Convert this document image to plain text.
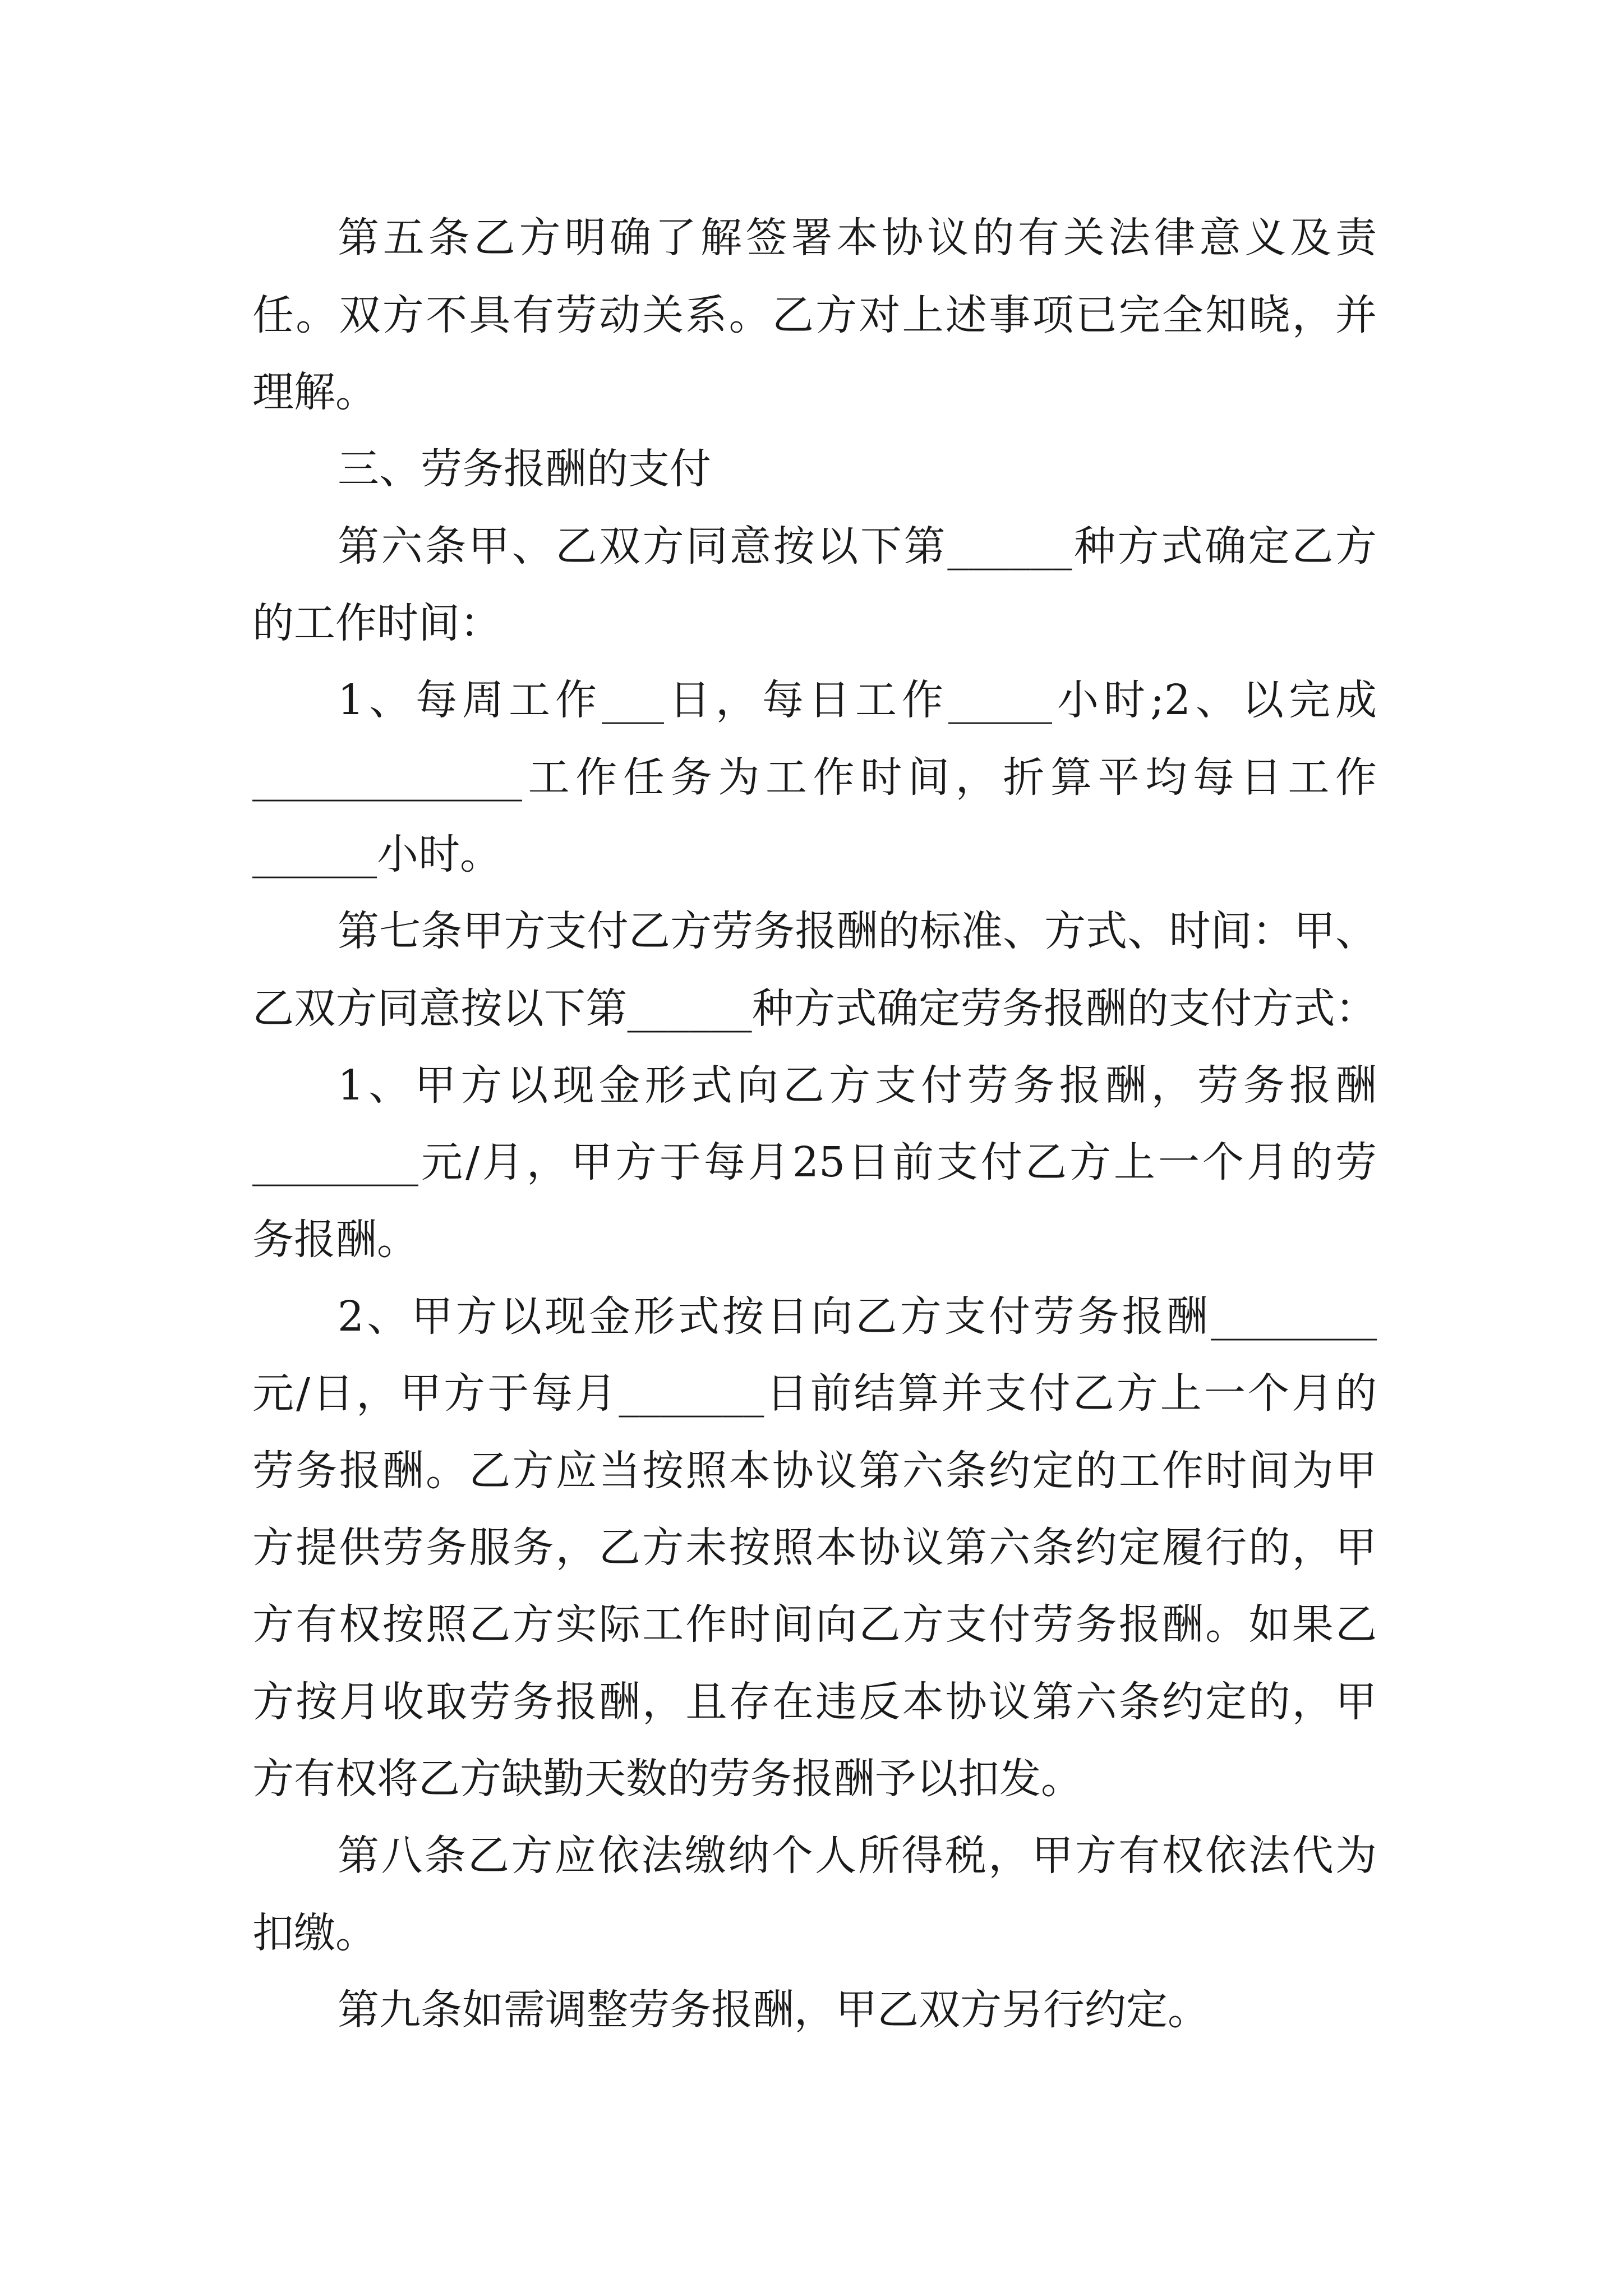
第五条乙方明确了解签署本协议的有关法律意义及责
任。双方不具有劳动关系。乙方对上述事项已完全知晓，并
理解。
三、劳务报酬的支付
第六条甲、乙双方同意按以下第______种方式确定乙方
的工作时间：
1、每周工作___日，每日工作_____小时;2、以完成
_____________工作任务为工作时间，折算平均每日工作
______小时。
第七条甲方支付乙方劳务报酬的标准、方式、时间：甲、
乙双方同意按以下第______种方式确定劳务报酬的支付方式：
1、甲方以现金形式向乙方支付劳务报酬，劳务报酬
________元/月，甲方于每月25日前支付乙方上一个月的劳
务报酬。
2、甲方以现金形式按日向乙方支付劳务报酬________
元/日，甲方于每月_______日前结算并支付乙方上一个月的
劳务报酬。乙方应当按照本协议第六条约定的工作时间为甲
方提供劳务服务，乙方未按照本协议第六条约定履行的，甲
方有权按照乙方实际工作时间向乙方支付劳务报酬。如果乙
方按月收取劳务报酬，且存在违反本协议第六条约定的，甲
方有权将乙方缺勤天数的劳务报酬予以扣发。
第八条乙方应依法缴纳个人所得税，甲方有权依法代为
扣缴。
第九条如需调整劳务报酬，甲乙双方另行约定。
